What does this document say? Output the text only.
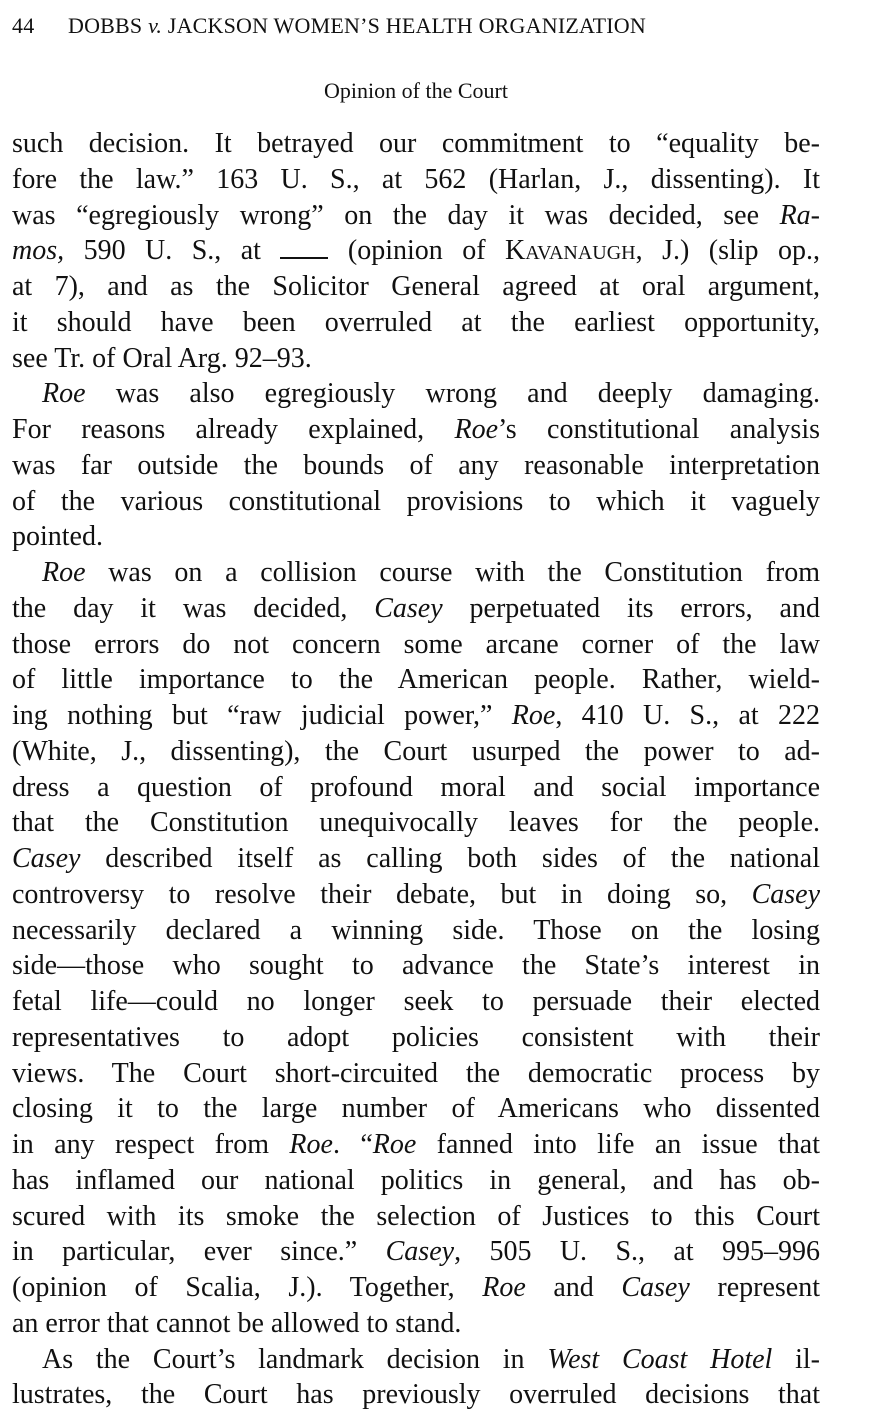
44 DOBBS v. JACKSON WOMEN’S HEALTH ORGANIZATION
Opinion of the Court
such decision. It betrayed our commitment to “equality be-
fore the law.” 163 U. S., at 562 (Harlan, J., dissenting). It
was “egregiously wrong” on the day it was decided, see Ra-
mos, 590 U. S., at  (opinion of Kavanaugh, J.) (slip op.,
at 7), and as the Solicitor General agreed at oral argument,
it should have been overruled at the earliest opportunity,
see Tr. of Oral Arg. 92–93.
Roe was also egregiously wrong and deeply damaging.
For reasons already explained, Roe’s constitutional analysis
was far outside the bounds of any reasonable interpretation
of the various constitutional provisions to which it vaguely
pointed.
Roe was on a collision course with the Constitution from
the day it was decided, Casey perpetuated its errors, and
those errors do not concern some arcane corner of the law
of little importance to the American people. Rather, wield-
ing nothing but “raw judicial power,” Roe, 410 U. S., at 222
(White, J., dissenting), the Court usurped the power to ad-
dress a question of profound moral and social importance
that the Constitution unequivocally leaves for the people.
Casey described itself as calling both sides of the national
controversy to resolve their debate, but in doing so, Casey
necessarily declared a winning side. Those on the losing
side—those who sought to advance the State’s interest in
fetal life—could no longer seek to persuade their elected
representatives to adopt policies consistent with their
views. The Court short-circuited the democratic process by
closing it to the large number of Americans who dissented
in any respect from Roe. “Roe fanned into life an issue that
has inflamed our national politics in general, and has ob-
scured with its smoke the selection of Justices to this Court
in particular, ever since.” Casey, 505 U. S., at 995–996
(opinion of Scalia, J.). Together, Roe and Casey represent
an error that cannot be allowed to stand.
As the Court’s landmark decision in West Coast Hotel il-
lustrates, the Court has previously overruled decisions that
